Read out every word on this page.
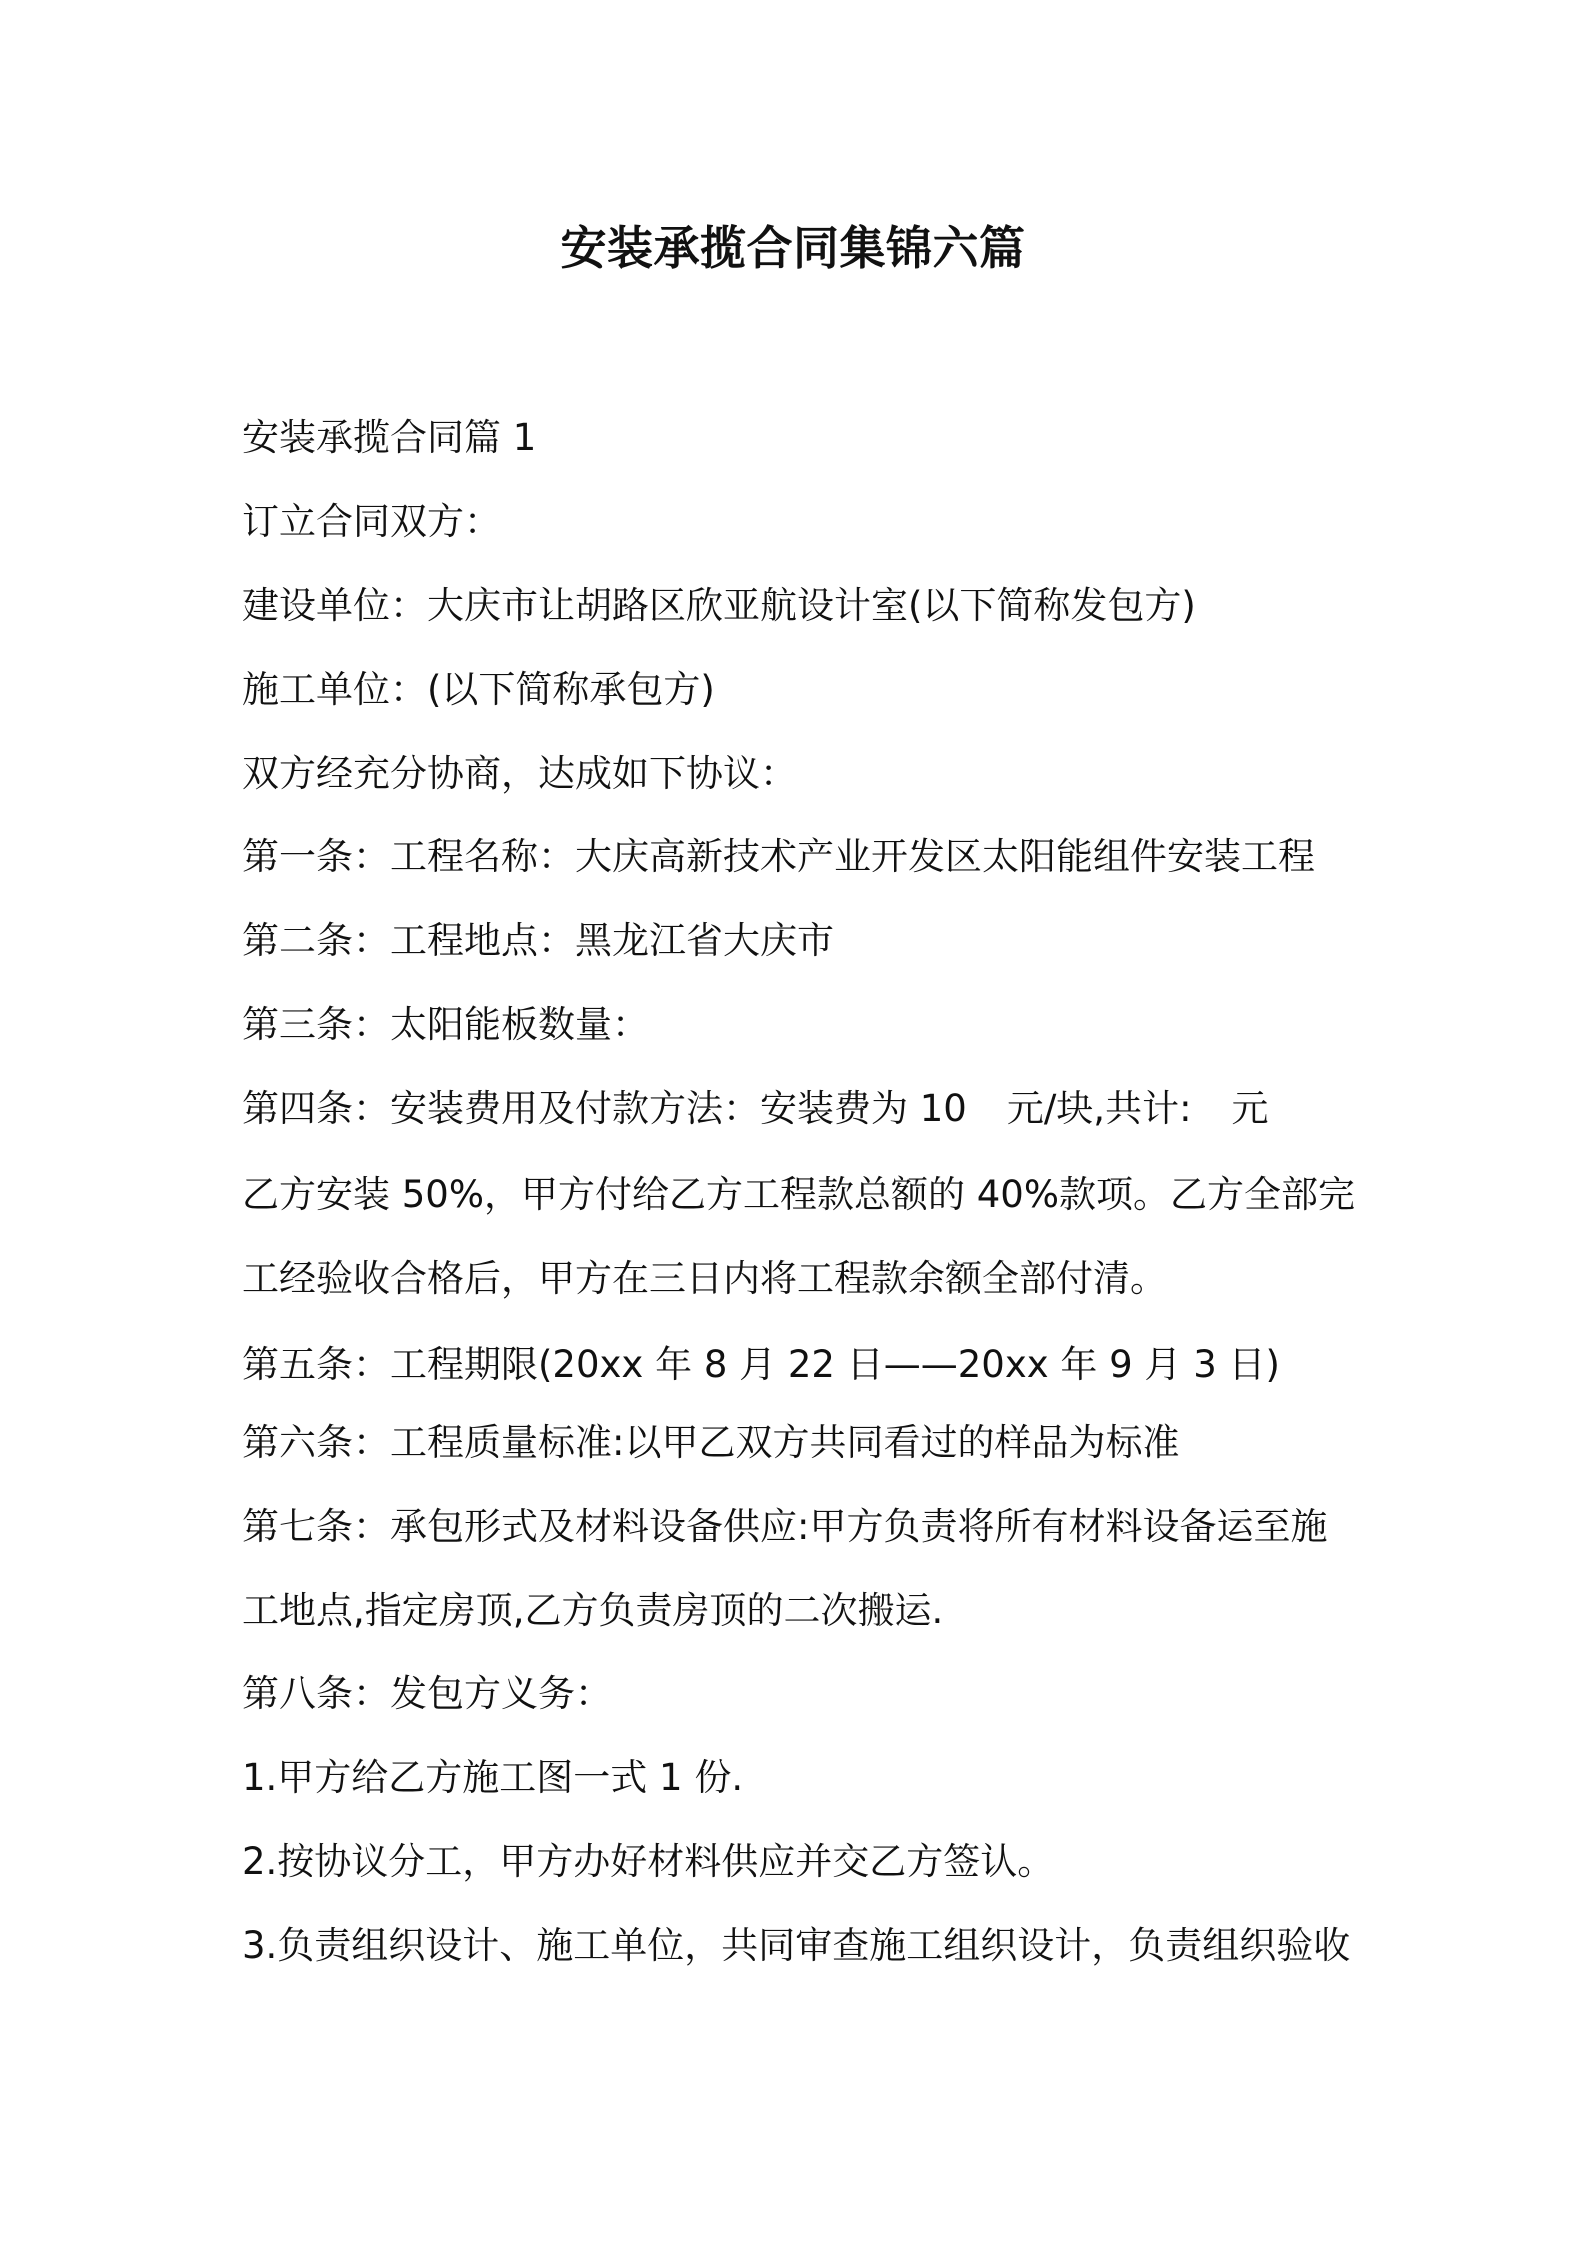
安装承揽合同集锦六篇
安装承揽合同篇 1
订立合同双方：
建设单位：大庆市让胡路区欣亚航设计室(以下简称发包方)
施工单位：(以下简称承包方)
双方经充分协商，达成如下协议：
第一条：工程名称：大庆高新技术产业开发区太阳能组件安装工程
第二条：工程地点：黑龙江省大庆市
第三条：太阳能板数量：
第四条：安装费用及付款方法：安装费为 10 元/块,共计: 元
乙方安装 50%，甲方付给乙方工程款总额的 40%款项。乙方全部完
工经验收合格后，甲方在三日内将工程款余额全部付清。
第五条：工程期限(20xx 年 8 月 22 日——20xx 年 9 月 3 日)
第六条：工程质量标准:以甲乙双方共同看过的样品为标准
第七条：承包形式及材料设备供应:甲方负责将所有材料设备运至施
工地点,指定房顶,乙方负责房顶的二次搬运.
第八条：发包方义务：
1.甲方给乙方施工图一式 1 份.
2.按协议分工，甲方办好材料供应并交乙方签认。
3.负责组织设计、施工单位，共同审查施工组织设计，负责组织验收
